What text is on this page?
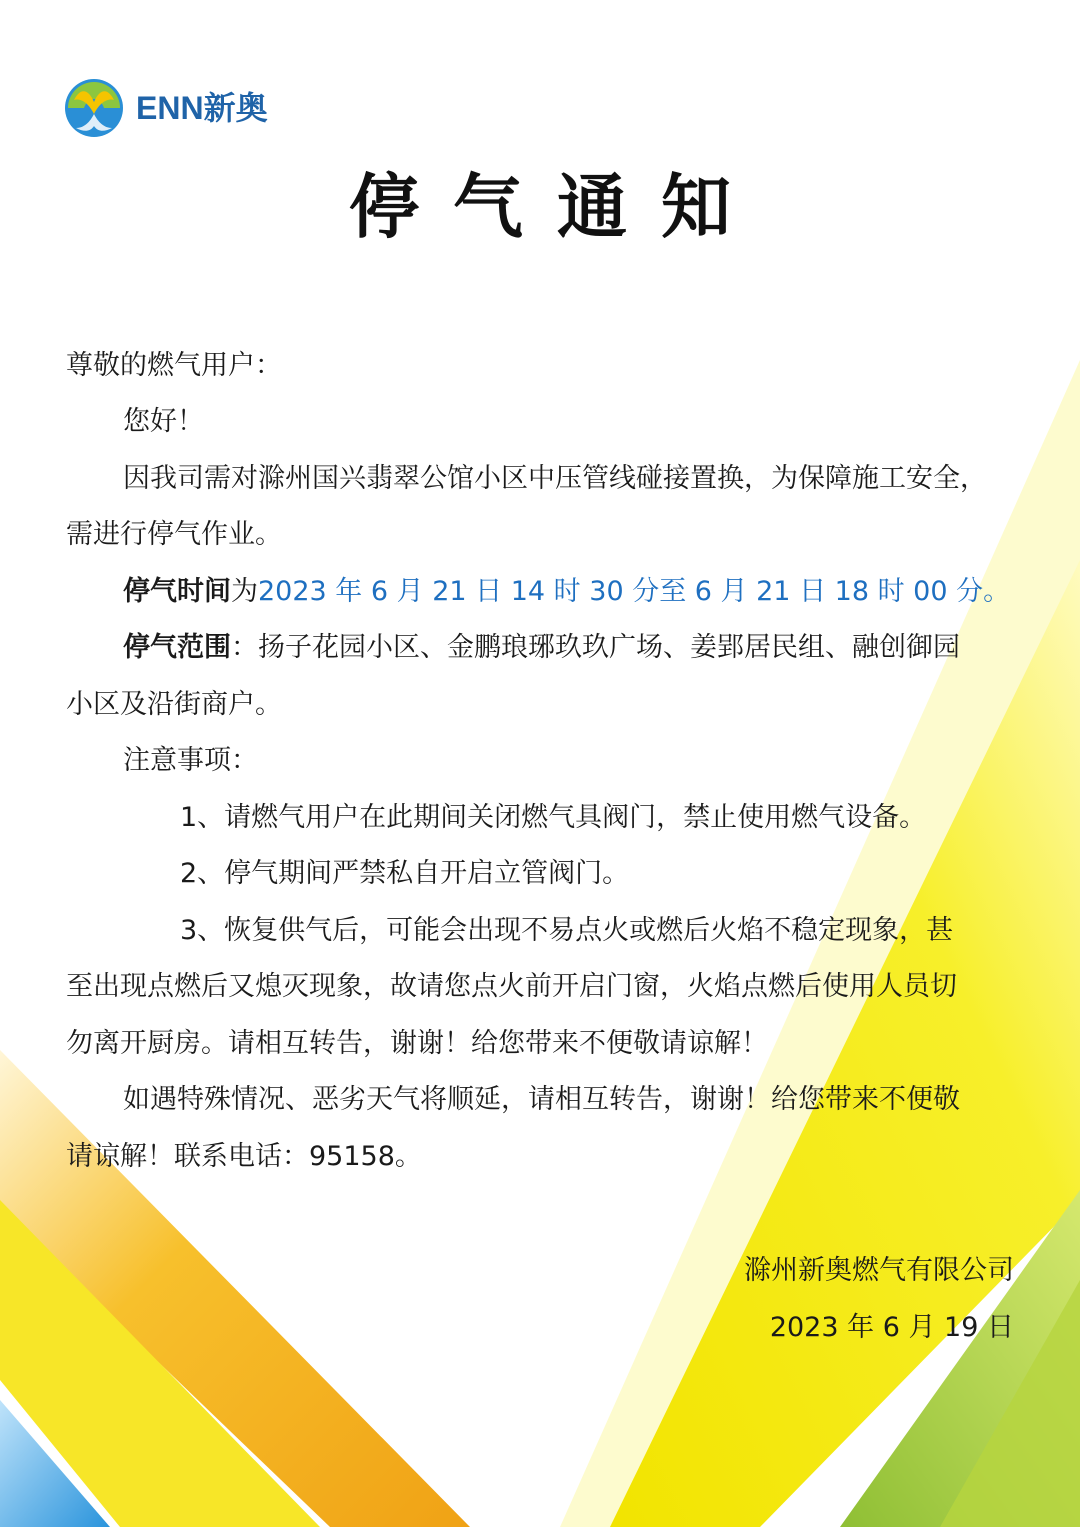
ENN新奥
停气通知
尊敬的燃气用户：
您好！
因我司需对滁州国兴翡翠公馆小区中压管线碰接置换，为保障施工安全，
需进行停气作业。
停气时间为2023 年 6 月 21 日 14 时 30 分至 6 月 21 日 18 时 00 分。
停气范围：扬子花园小区、金鹏琅琊玖玖广场、姜郢居民组、融创御园
小区及沿街商户。
注意事项：
1、请燃气用户在此期间关闭燃气具阀门，禁止使用燃气设备。
2、停气期间严禁私自开启立管阀门。
3、恢复供气后，可能会出现不易点火或燃后火焰不稳定现象，甚
至出现点燃后又熄灭现象，故请您点火前开启门窗，火焰点燃后使用人员切
勿离开厨房。请相互转告，谢谢！给您带来不便敬请谅解！
如遇特殊情况、恶劣天气将顺延，请相互转告，谢谢！给您带来不便敬
请谅解！联系电话：95158。
滁州新奥燃气有限公司
2023 年 6 月 19 日
